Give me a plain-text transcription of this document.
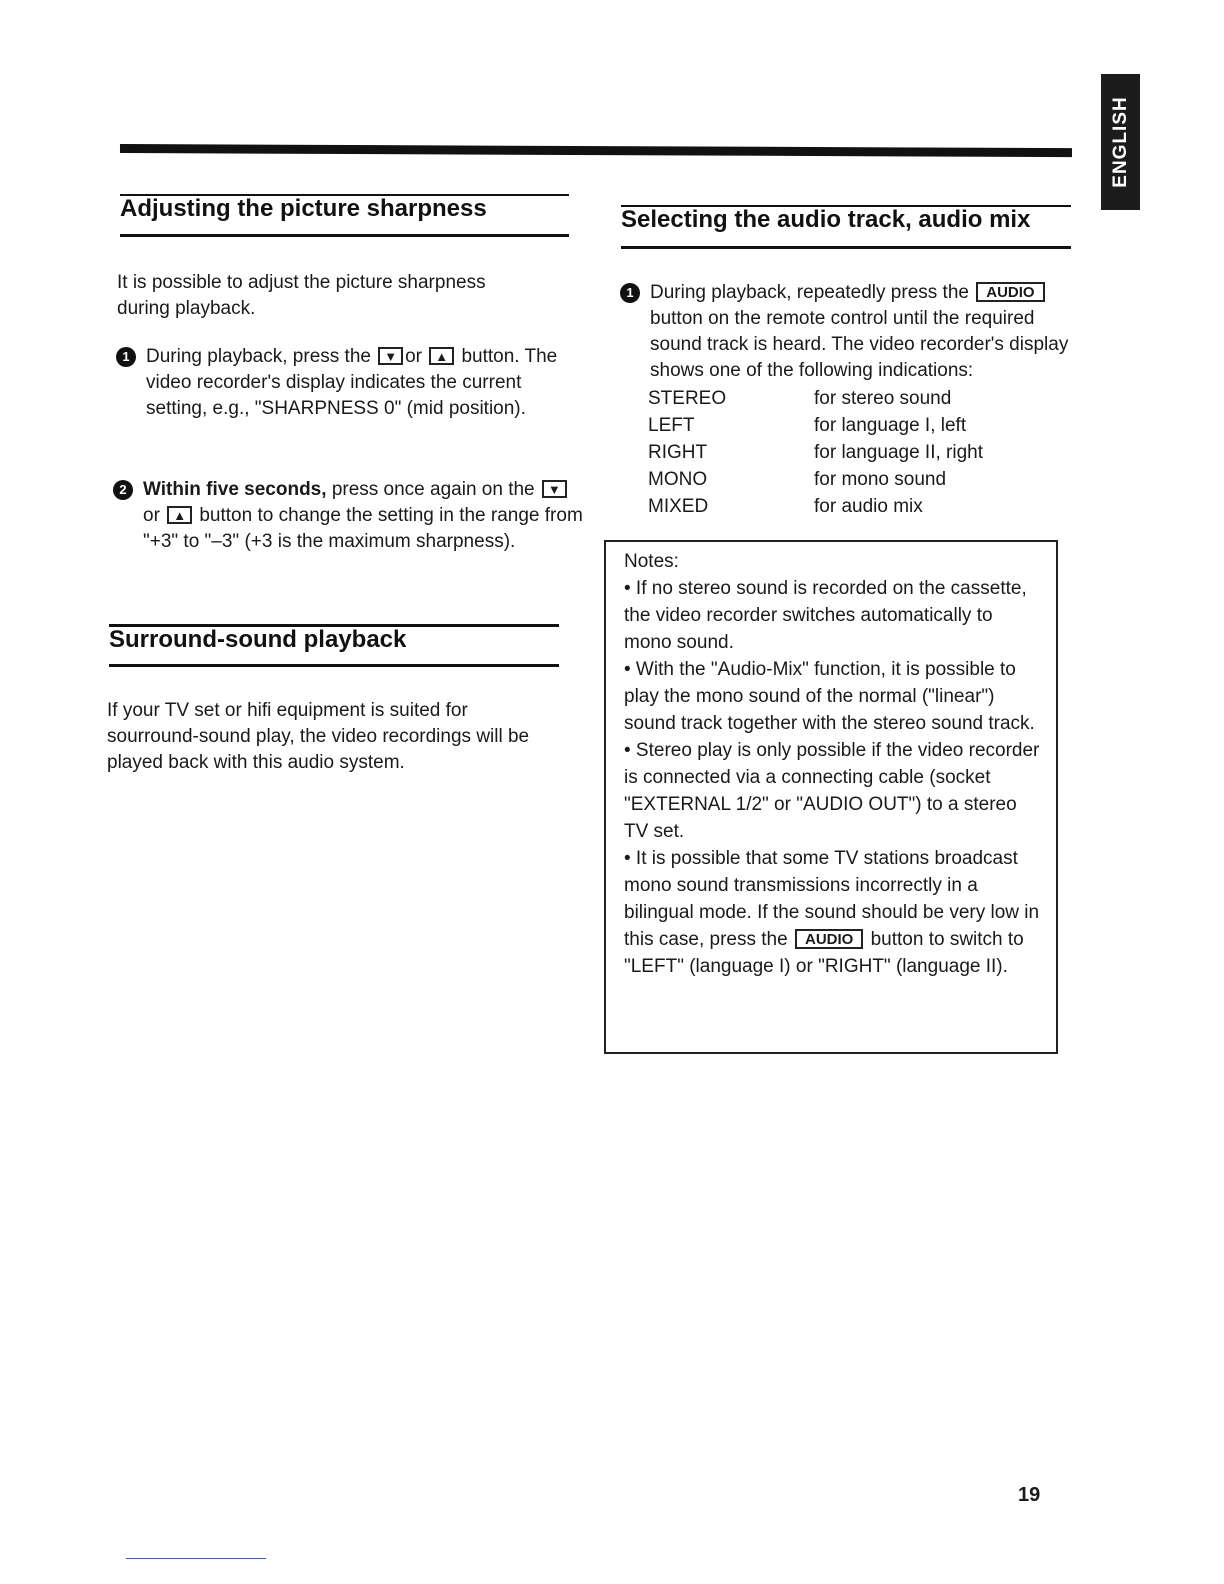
ENGLISH
Adjusting the picture sharpness
It is possible to adjust the picture sharpness during playback.
1 During playback, press the ▼ or ▲ button. The video recorder's display indicates the current setting, e.g., "SHARPNESS 0" (mid position).
2 Within five seconds, press once again on the ▼or ▲ button to change the setting in the range from "+3" to "–3" (+3 is the maximum sharpness).
Surround-sound playback
If your TV set or hifi equipment is suited for sourround-sound play, the video recordings will be played back with this audio system.
Selecting the audio track, audio mix
1 During playback, repeatedly press the AUDIO button on the remote control until the required sound track is heard. The video recorder's display shows one of the following indications:
STEREO	for stereo sound
LEFT	for language I, left
RIGHT	for language II, right
MONO	for mono sound
MIXED	for audio mix

Notes:

• If no stereo sound is recorded on the cassette, the video recorder switches automatically to mono sound.

• With the "Audio-Mix" function, it is possible to play the mono sound of the normal ("linear") sound track together with the stereo sound track.

• Stereo play is only possible if the video recorder is connected via a connecting cable (socket "EXTERNAL 1/2" or "AUDIO OUT") to a stereo TV set.

• It is possible that some TV stations broadcast mono sound transmissions incorrectly in a bilingual mode. If the sound should be very low in this case, press the AUDIO button to switch to "LEFT" (language I) or "RIGHT" (language II).

19
